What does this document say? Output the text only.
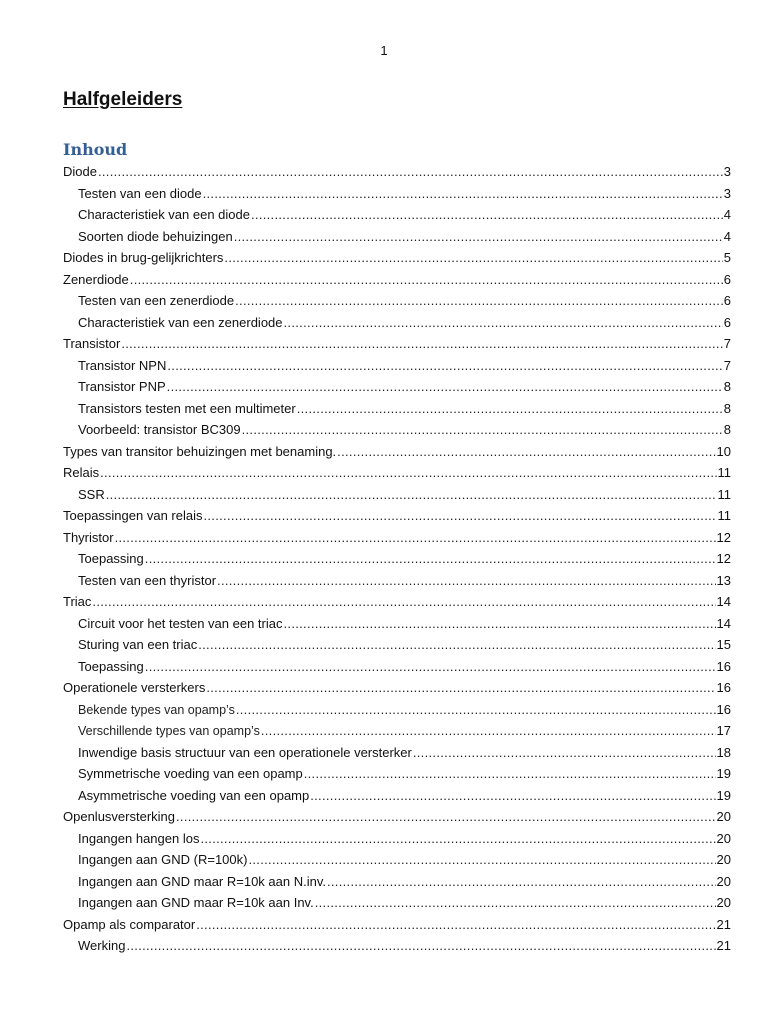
1
Halfgeleiders
Inhoud
Diode .....	3
Testen van een diode .....	3
Characteristiek van een diode .....	4
Soorten diode behuizingen .....	4
Diodes in brug-gelijkrichters .....	5
Zenerdiode .....	6
Testen van een zenerdiode .....	6
Characteristiek van een zenerdiode .....	6
Transistor .....	7
Transistor NPN .....	7
Transistor PNP .....	8
Transistors testen met een multimeter .....	8
Voorbeeld: transistor BC309 .....	8
Types van transitor behuizingen met benaming. .....	10
Relais .....	11
SSR .....	11
Toepassingen van relais .....	11
Thyristor .....	12
Toepassing .....	12
Testen van een thyristor .....	13
Triac .....	14
Circuit voor het testen van een triac .....	14
Sturing van een triac .....	15
Toepassing .....	16
Operationele versterkers .....	16
Bekende types van opamp’s .....	16
Verschillende types van opamp’s .....	17
Inwendige basis structuur van een operationele versterker .....	18
Symmetrische voeding van een opamp .....	19
Asymmetrische voeding van een opamp .....	19
Openlusversterking .....	20
Ingangen hangen los .....	20
Ingangen aan GND (R=100k) .....	20
Ingangen aan GND maar R=10k aan N.inv. .....	20
Ingangen aan GND maar R=10k aan Inv. .....	20
Opamp als comparator .....	21
Werking .....	21
